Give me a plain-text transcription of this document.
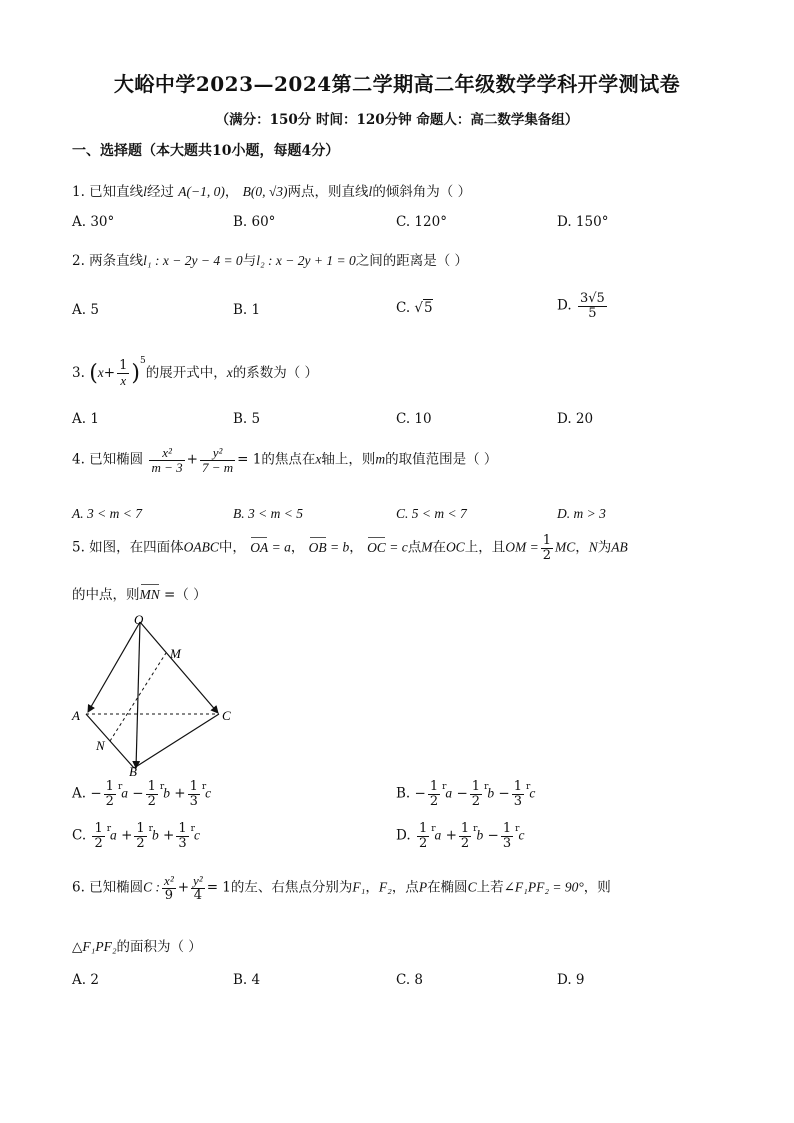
大峪中学2023—2024第二学期高二年级数学学科开学测试卷
（满分：150分 时间：120分钟 命题人：高二数学集备组）
一、选择题（本大题共10小题，每题4分）
1. 已知直线l经过 A(−1, 0)， B(0, √3)两点，则直线l的倾斜角为（ ）
A. 30°	B. 60°	C. 120°	D. 150°
2. 两条直线l₁ : x − 2y − 4 = 0与l₂ : x − 2y + 1 = 0之间的距离是（ ）
A. 5	B. 1	C. √5	D. $\frac{3√5}{5}$
3. $(x+ \frac{1}{x} )^5$的展开式中，x的系数为（ ）
A. 1	B. 5	C. 10	D. 20
4. 已知椭圆 $\frac{\text{x²}}{m - 3} + \frac{\text{y²}}{7 - m} = 1$的焦点在x轴上，则m的取值范围是（ ）
A. 3 < m < 7	B. 3 < m < 5	C. 5 < m < 7	D. m > 3
5. 如图，在四面体OABC中， OA = a， OB = b， OC = c点M在OC上，且OM = $\frac{1}{2}$ MC，N为AB
的中点，则MN =（ ）
O
M
A	C
N
B
A. − $\frac{1}{2} ^ra - \frac{1}{2} ^rb + \frac{1}{3} ^rc$	B. − $\frac{1}{2} ^ra - \frac{1}{2} ^rb - \frac{1}{3} ^rc$
C. $\frac{1}{2} ^ra + \frac{1}{2} ^rb + \frac{1}{3} ^rc$	D. $\frac{1}{2} ^ra + \frac{1}{2} ^rb - \frac{1}{3} ^rc$
6. 已知椭圆C : $\frac{\text{x²}}{9} + \frac{\text{y²}}{4} = 1$的左、右焦点分别为F₁，F₂，点P在椭圆C上若∠F₁PF₂ = 90°，则
△F₁PF₂的面积为（ ）
A. 2	B. 4	C. 8	D. 9
